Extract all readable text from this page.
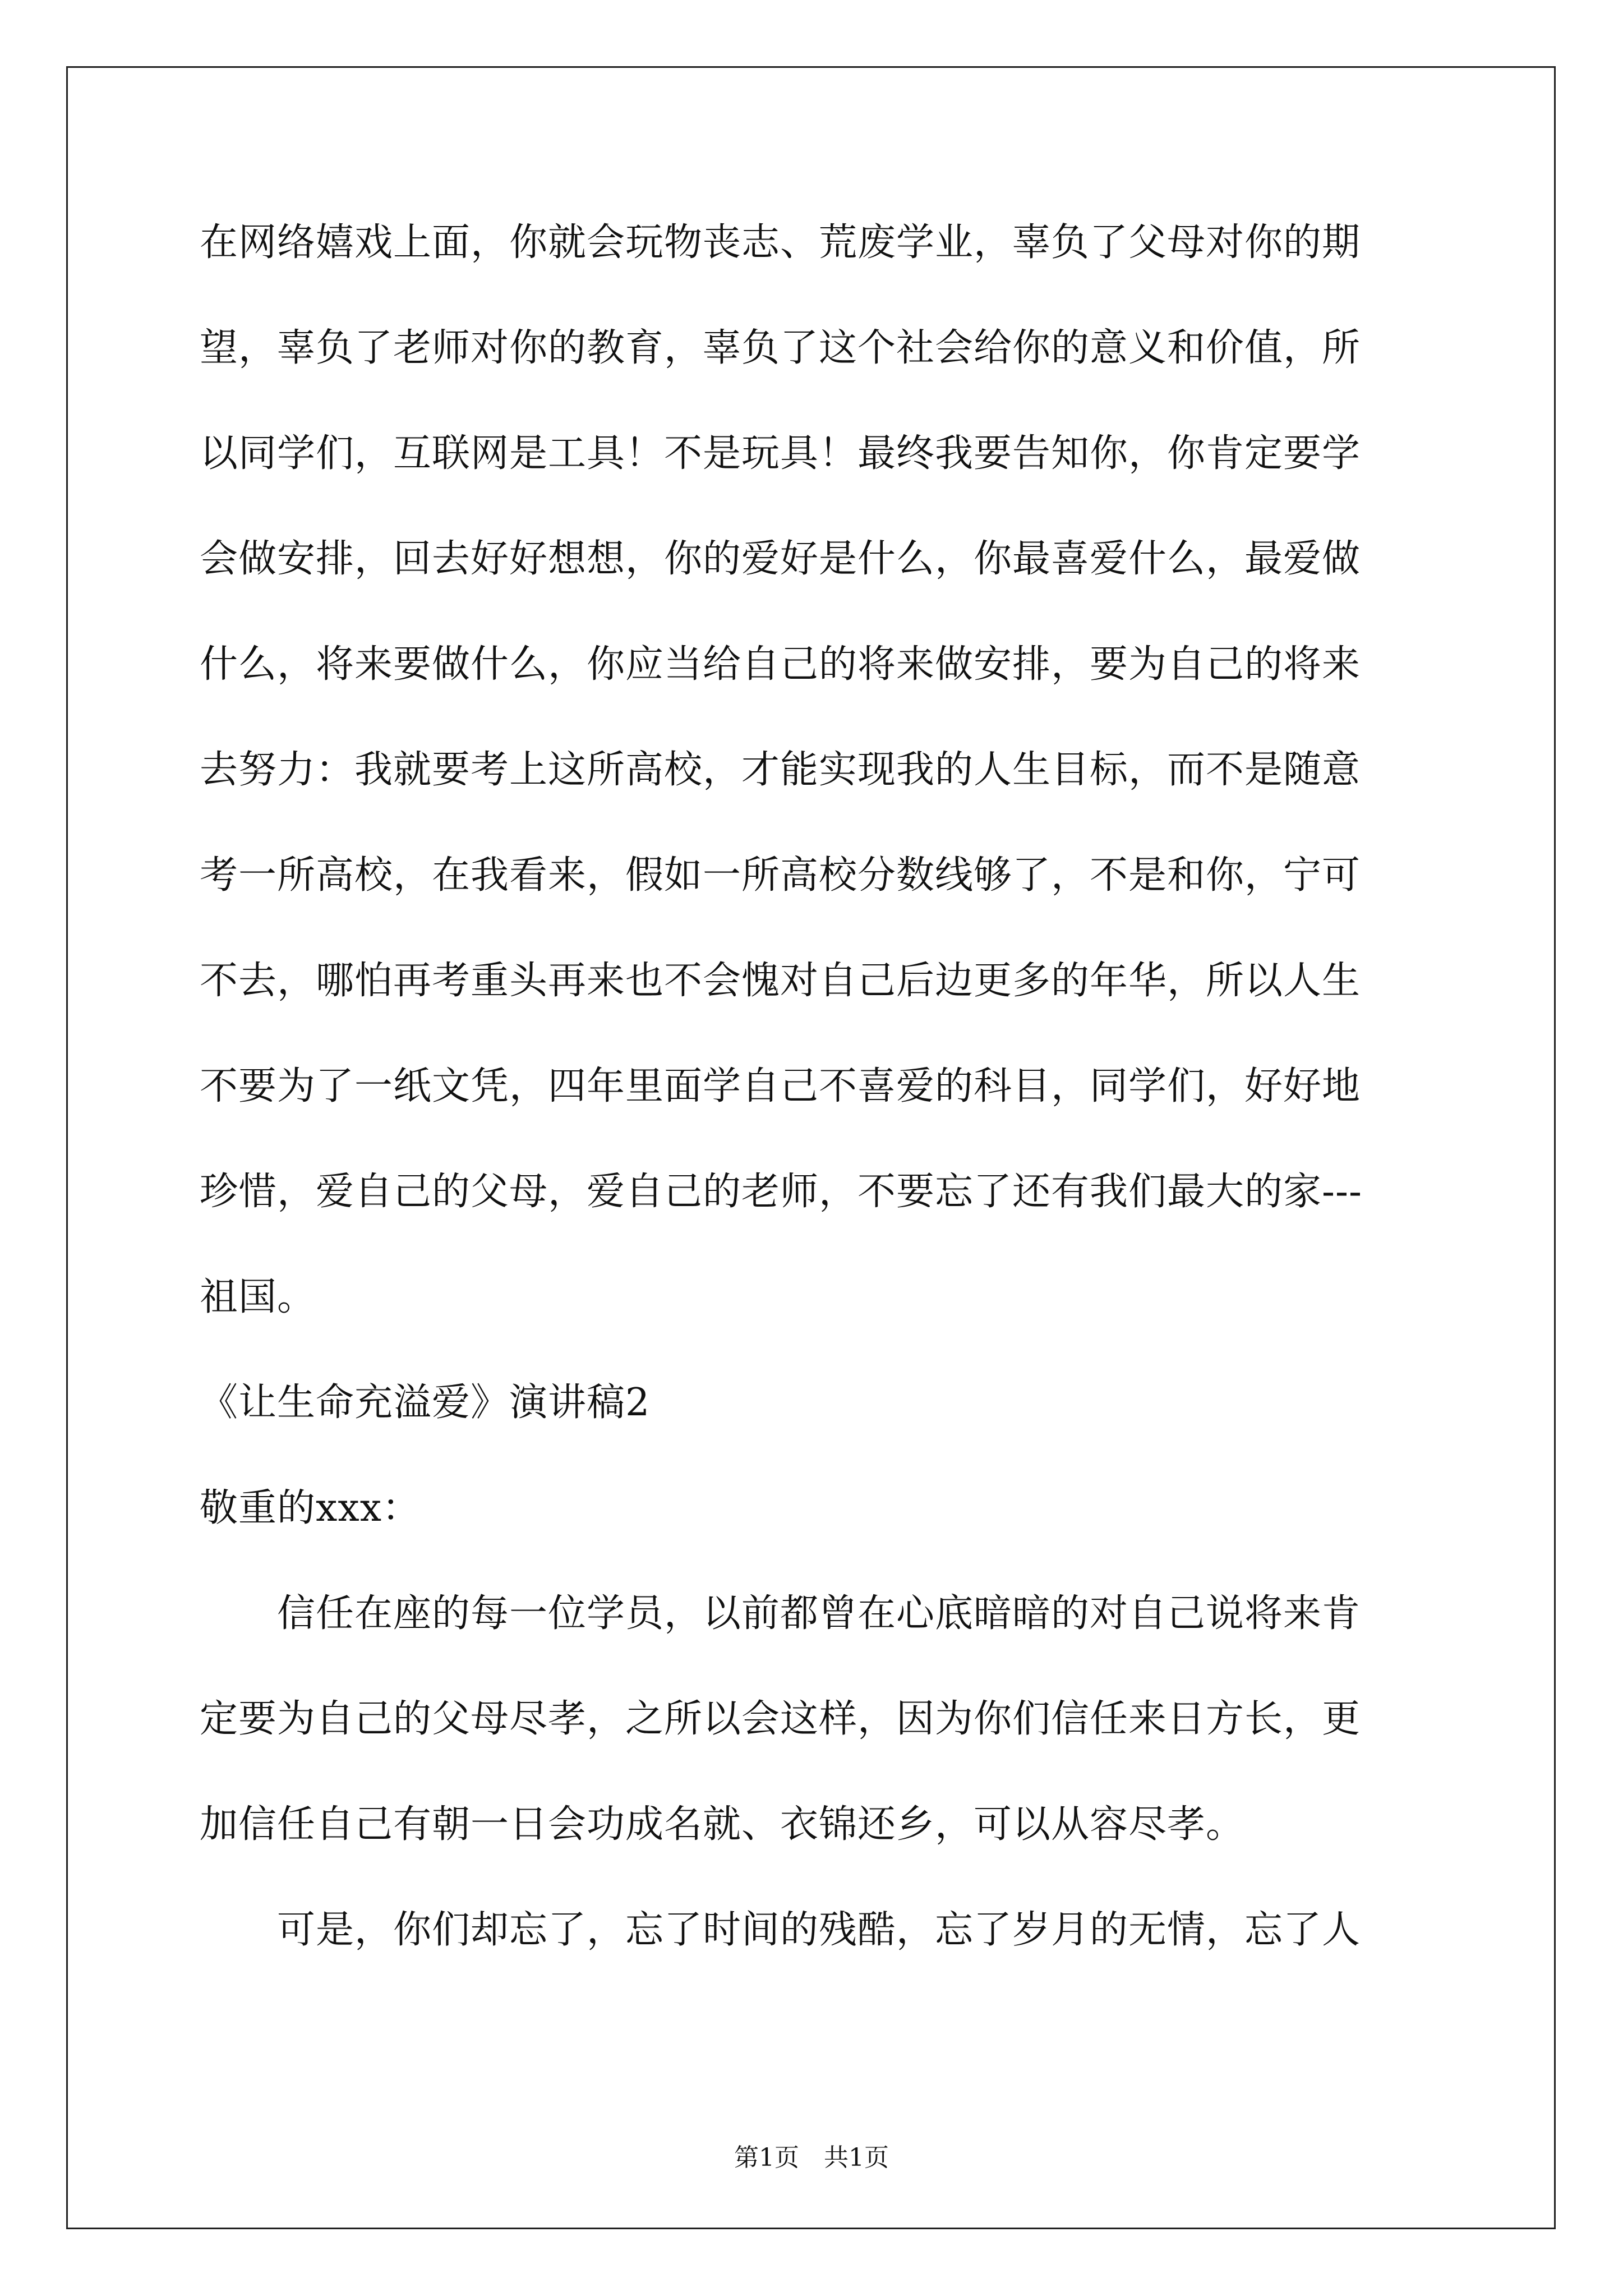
在网络嬉戏上面，你就会玩物丧志、荒废学业，辜负了父母对你的期
望，辜负了老师对你的教育，辜负了这个社会给你的意义和价值，所
以同学们，互联网是工具！不是玩具！最终我要告知你，你肯定要学
会做安排，回去好好想想，你的爱好是什么，你最喜爱什么，最爱做
什么，将来要做什么，你应当给自己的将来做安排，要为自己的将来
去努力：我就要考上这所高校，才能实现我的人生目标，而不是随意
考一所高校，在我看来，假如一所高校分数线够了，不是和你，宁可
不去，哪怕再考重头再来也不会愧对自己后边更多的年华，所以人生
不要为了一纸文凭，四年里面学自己不喜爱的科目，同学们，好好地
珍惜，爱自己的父母，爱自己的老师，不要忘了还有我们最大的家---
祖国。
《让生命充溢爱》演讲稿2
敬重的xxx：
　　信任在座的每一位学员，以前都曾在心底暗暗的对自己说将来肯
定要为自己的父母尽孝，之所以会这样，因为你们信任来日方长，更
加信任自己有朝一日会功成名就、衣锦还乡，可以从容尽孝。
　　可是，你们却忘了，忘了时间的残酷，忘了岁月的无情，忘了人
第1页　共1页
